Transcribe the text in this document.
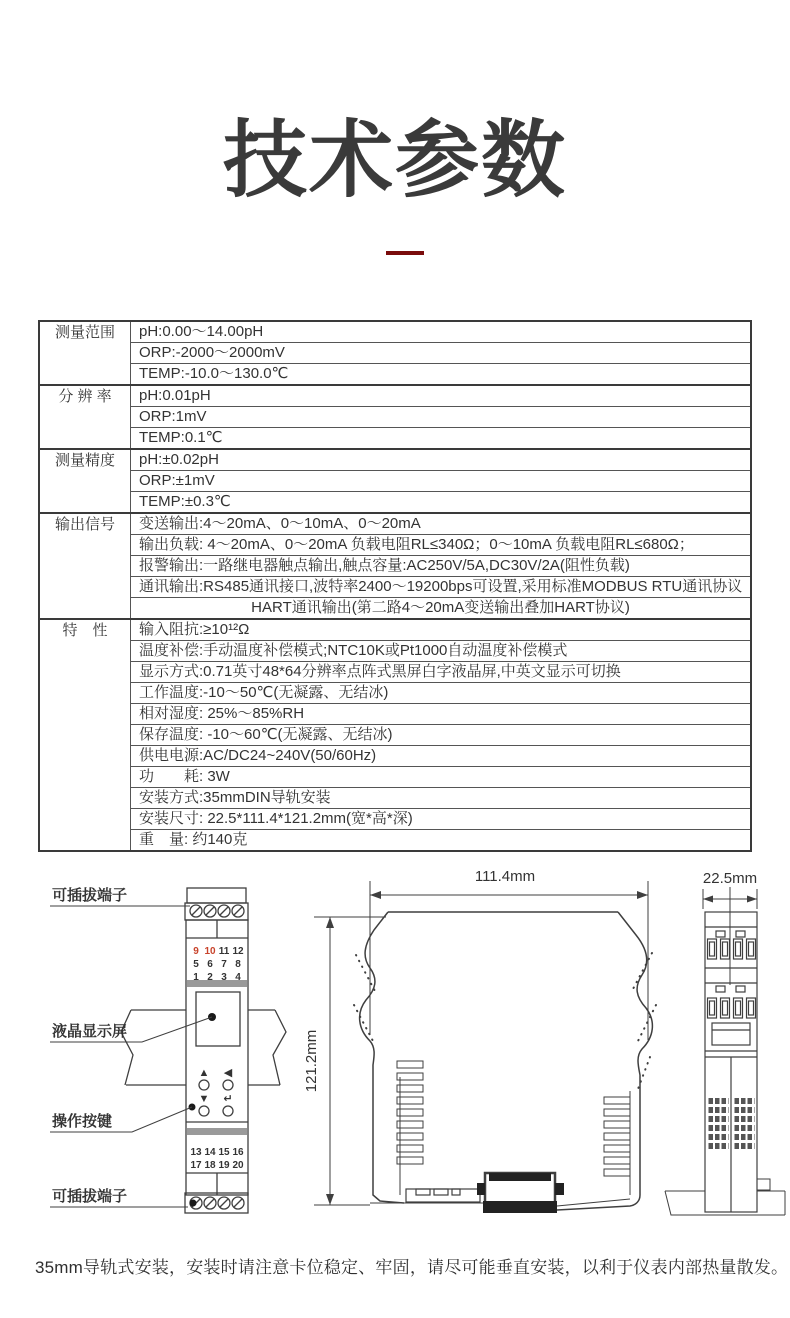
技术参数
测量范围	pH:0.00～14.00pH
	ORP:-2000～2000mV
	TEMP:-10.0～130.0℃
分 辨 率	pH:0.01pH
	ORP:1mV
	TEMP:0.1℃
测量精度	pH:±0.02pH
	ORP:±1mV
	TEMP:±0.3℃
输出信号	变送输出:4～20mA、0～10mA、0～20mA
	输出负载: 4～20mA、0～20mA 负载电阻RL≤340Ω；0～10mA 负载电阻RL≤680Ω；
	报警输出:一路继电器触点输出,触点容量:AC250V/5A,DC30V/2A(阻性负载)
	通讯输出:RS485通讯接口,波特率2400～19200bps可设置,采用标准MODBUS RTU通讯协议
	HART通讯输出(第二路4～20mA变送输出叠加HART协议)
特　性	输入阻抗:≥10¹²Ω
	温度补偿:手动温度补偿模式;NTC10K或Pt1000自动温度补偿模式
	显示方式:0.71英寸48*64分辨率点阵式黑屏白字液晶屏,中英文显示可切换
	工作温度:-10～50℃(无凝露、无结冰)
	相对湿度: 25%～85%RH
	保存温度: -10～60℃(无凝露、无结冰)
	供电电源:AC/DC24~240V(50/60Hz)
	功　　耗: 3W
	安装方式:35mmDIN导轨安装
	安装尺寸: 22.5*111.4*121.2mm(宽*高*深)
	重　量: 约140克
9 10 11 12
5 6 7 8
1 2 3 4
▲ ◀
▼ ↵
13 14 15 16
17 18 19 20
可插拔端子
液晶显示屏
操作按键
可插拔端子
111.4mm
121.2mm
22.5mm

35mm导轨式安装，安装时请注意卡位稳定、牢固，请尽可能垂直安装，以利于仪表内部热量散发。
